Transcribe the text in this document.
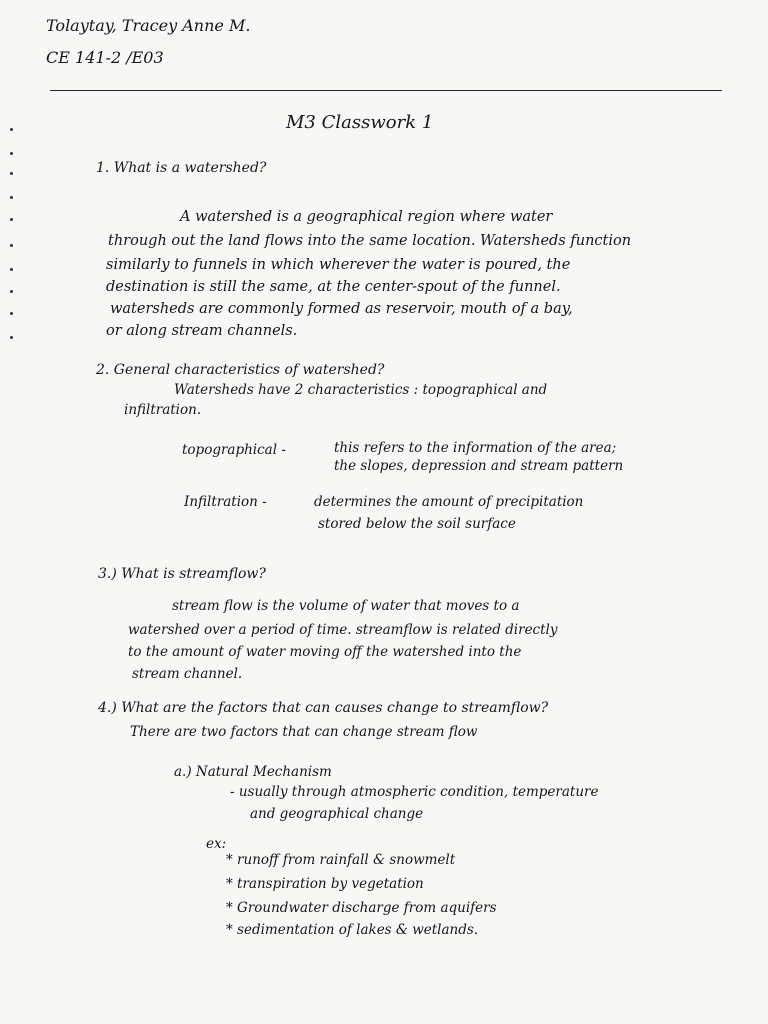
Tolaytay, Tracey Anne M.
CE 141-2 /E03
M3 Classwork 1
1. What is a watershed?
A watershed is a geographical region where water
through out the land flows into the same location. Watersheds function
similarly to funnels in which wherever the water is poured, the
destination is still the same, at the center-spout of the funnel.
watersheds are commonly formed as reservoir, mouth of a bay,
or along stream channels.
2. General characteristics of watershed?
Watersheds have 2 characteristics : topographical and
infiltration.
topographical -	this refers to the information of the area;
the slopes, depression and stream pattern
Infiltration -	determines the amount of precipitation
stored below the soil surface
3.) What is streamflow?
stream flow is the volume of water that moves to a
watershed over a period of time. streamflow is related directly
to the amount of water moving off the watershed into the
stream channel.
4.) What are the factors that can causes change to streamflow?
There are two factors that can change stream flow
a.) Natural Mechanism
- usually through atmospheric condition, temperature
and geographical change
ex:
* runoff from rainfall & snowmelt
* transpiration by vegetation
* Groundwater discharge from aquifers
* sedimentation of lakes & wetlands.
